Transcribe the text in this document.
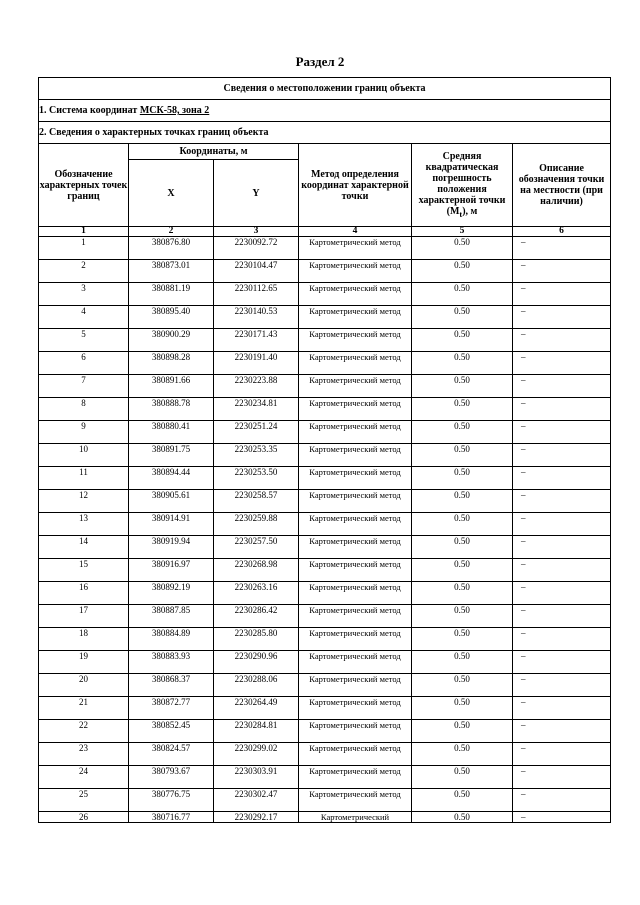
Раздел 2
Сведения о местоположении границ объекта					
1. Система координат МСК-58, зона 2					
2. Сведения о характерных точках границ объекта					
Обозначение характерных точек границ	Координаты, м		Метод определения координат характерной точки	Средняя квадратическая погрешность положения характерной точки $(M_t)$, м	Описание обозначения точки на местности (при наличии)
	X	Y			
1	2	3	4	5	6
1	380876.80	2230092.72	Картометрический метод	0.50	–
2	380873.01	2230104.47	Картометрический метод	0.50	–
3	380881.19	2230112.65	Картометрический метод	0.50	–
4	380895.40	2230140.53	Картометрический метод	0.50	–
5	380900.29	2230171.43	Картометрический метод	0.50	–
6	380898.28	2230191.40	Картометрический метод	0.50	–
7	380891.66	2230223.88	Картометрический метод	0.50	–
8	380888.78	2230234.81	Картометрический метод	0.50	–
9	380880.41	2230251.24	Картометрический метод	0.50	–
10	380891.75	2230253.35	Картометрический метод	0.50	–
11	380894.44	2230253.50	Картометрический метод	0.50	–
12	380905.61	2230258.57	Картометрический метод	0.50	–
13	380914.91	2230259.88	Картометрический метод	0.50	–
14	380919.94	2230257.50	Картометрический метод	0.50	–
15	380916.97	2230268.98	Картометрический метод	0.50	–
16	380892.19	2230263.16	Картометрический метод	0.50	–
17	380887.85	2230286.42	Картометрический метод	0.50	–
18	380884.89	2230285.80	Картометрический метод	0.50	–
19	380883.93	2230290.96	Картометрический метод	0.50	–
20	380868.37	2230288.06	Картометрический метод	0.50	–
21	380872.77	2230264.49	Картометрический метод	0.50	–
22	380852.45	2230284.81	Картометрический метод	0.50	–
23	380824.57	2230299.02	Картометрический метод	0.50	–
24	380793.67	2230303.91	Картометрический метод	0.50	–
25	380776.75	2230302.47	Картометрический метод	0.50	–
26	380716.77	2230292.17	Картометрический	0.50	–
